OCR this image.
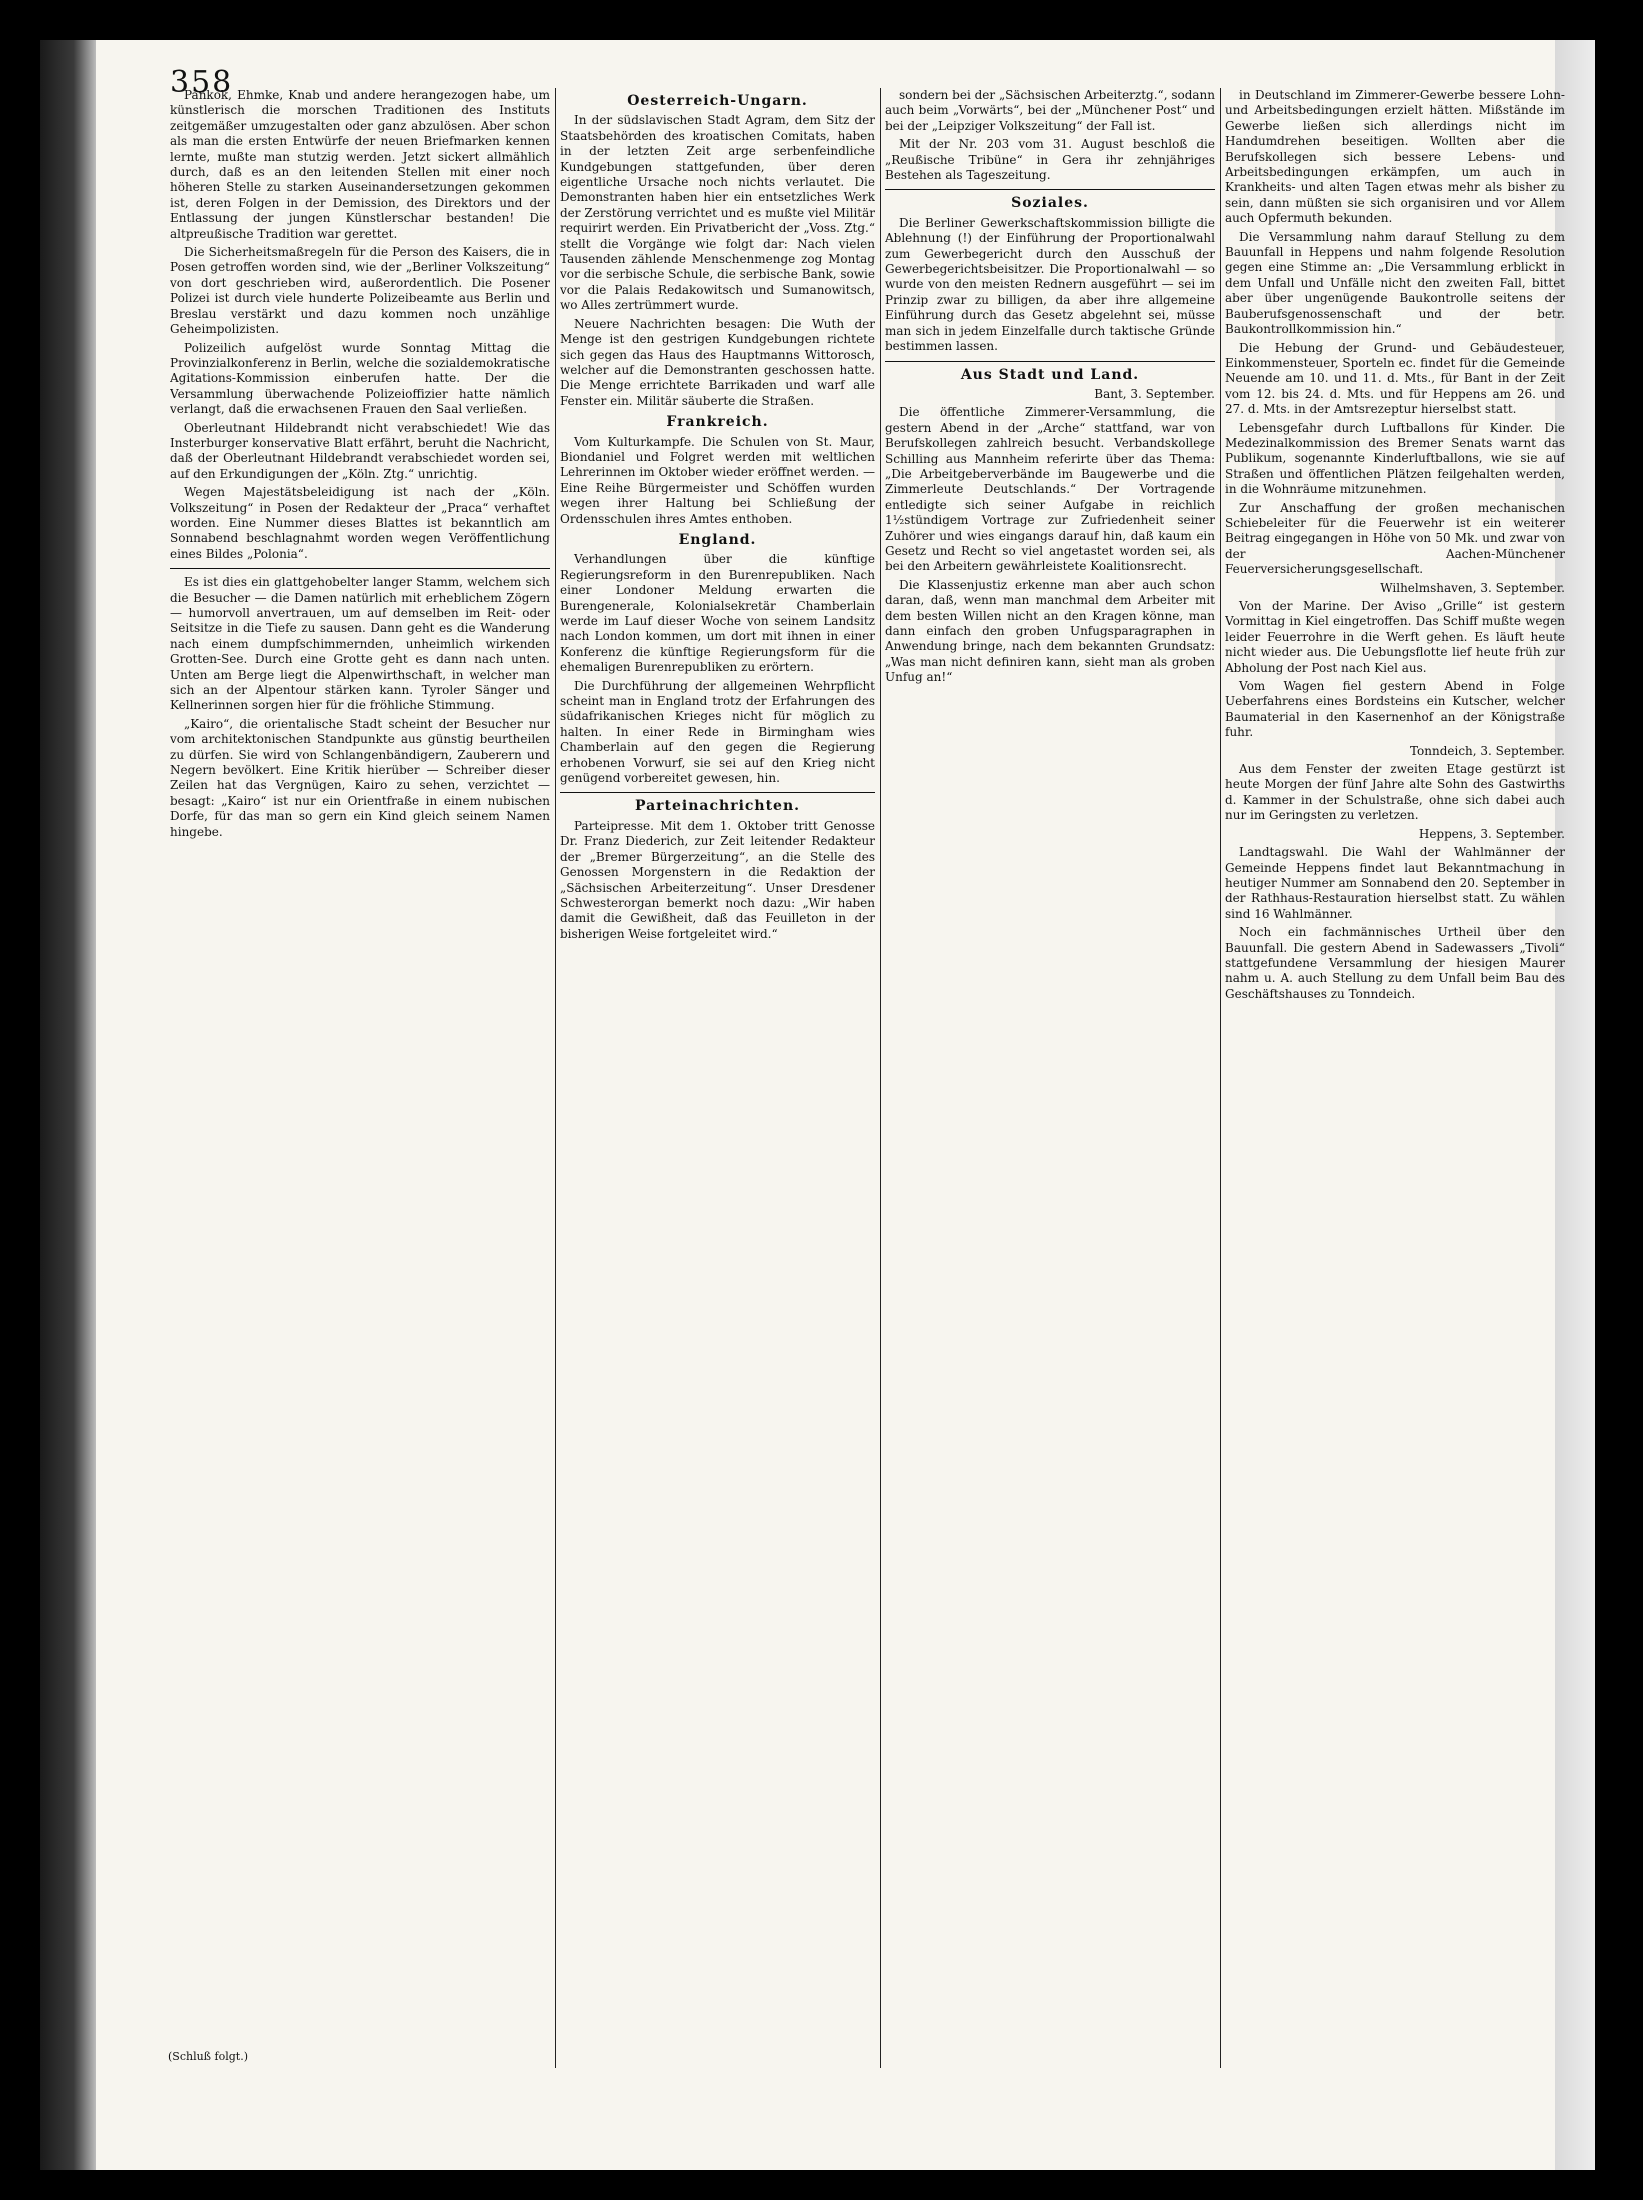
358

Pankok, Ehmke, Knab und andere herangezogen habe, um künstlerisch die morschen Traditionen des Instituts zeitgemäßer umzugestalten oder ganz abzulösen. Aber schon als man die ersten Entwürfe der neuen Briefmarken kennen lernte, mußte man stutzig werden. Jetzt sickert allmählich durch, daß es an den leitenden Stellen mit einer noch höheren Stelle zu starken Auseinandersetzungen gekommen ist, deren Folgen in der Demission, des Direktors und der Entlassung der jungen Künstlerschar bestanden! Die altpreußische Tradition war gerettet.

Die Sicherheitsmaßregeln für die Person des Kaisers, die in Posen getroffen worden sind, wie der „Berliner Volkszeitung“ von dort geschrieben wird, außerordentlich. Die Posener Polizei ist durch viele hunderte Polizeibeamte aus Berlin und Breslau verstärkt und dazu kommen noch unzählige Geheimpolizisten.

Polizeilich aufgelöst wurde Sonntag Mittag die Provinzialkonferenz in Berlin, welche die sozialdemokratische Agitations-Kommission einberufen hatte. Der die Versammlung überwachende Polizeioffizier hatte nämlich verlangt, daß die erwachsenen Frauen den Saal verließen.

Oberleutnant Hildebrandt nicht verabschiedet! Wie das Insterburger konservative Blatt erfährt, beruht die Nachricht, daß der Oberleutnant Hildebrandt verabschiedet worden sei, auf den Erkundigungen der „Köln. Ztg.“ unrichtig.

Wegen Majestätsbeleidigung ist nach der „Köln. Volkszeitung“ in Posen der Redakteur der „Praca“ verhaftet worden. Eine Nummer dieses Blattes ist bekanntlich am Sonnabend beschlagnahmt worden wegen Veröffentlichung eines Bildes „Polonia“.

Es ist dies ein glattgehobelter langer Stamm, welchem sich die Besucher — die Damen natürlich mit erheblichem Zögern — humorvoll anvertrauen, um auf demselben im Reit- oder Seitsitze in die Tiefe zu sausen. Dann geht es die Wanderung nach einem dumpfschimmernden, unheimlich wirkenden Grotten-See. Durch eine Grotte geht es dann nach unten. Unten am Berge liegt die Alpenwirthschaft, in welcher man sich an der Alpentour stärken kann. Tyroler Sänger und Kellnerinnen sorgen hier für die fröhliche Stimmung.

„Kairo“, die orientalische Stadt scheint der Besucher nur vom architektonischen Standpunkte aus günstig beurtheilen zu dürfen. Sie wird von Schlangenbändigern, Zauberern und Negern bevölkert. Eine Kritik hierüber — Schreiber dieser Zeilen hat das Vergnügen, Kairo zu sehen, verzichtet — besagt: „Kairo“ ist nur ein Orientfraße in einem nubischen Dorfe, für das man so gern ein Kind gleich seinem Namen hingebe.

Oesterreich-Ungarn.

In der südslavischen Stadt Agram, dem Sitz der Staatsbehörden des kroatischen Comitats, haben in der letzten Zeit arge serbenfeindliche Kundgebungen stattgefunden, über deren eigentliche Ursache noch nichts verlautet. Die Demonstranten haben hier ein entsetzliches Werk der Zerstörung verrichtet und es mußte viel Militär requirirt werden. Ein Privatbericht der „Voss. Ztg.“ stellt die Vorgänge wie folgt dar: Nach vielen Tausenden zählende Menschenmenge zog Montag vor die serbische Schule, die serbische Bank, sowie vor die Palais Redakowitsch und Sumanowitsch, wo Alles zertrümmert wurde.

Neuere Nachrichten besagen: Die Wuth der Menge ist den gestrigen Kundgebungen richtete sich gegen das Haus des Hauptmanns Wittorosch, welcher auf die Demonstranten geschossen hatte. Die Menge errichtete Barrikaden und warf alle Fenster ein. Militär säuberte die Straßen.

Frankreich.

Vom Kulturkampfe. Die Schulen von St. Maur, Biondaniel und Folgret werden mit weltlichen Lehrerinnen im Oktober wieder eröffnet werden. — Eine Reihe Bürgermeister und Schöffen wurden wegen ihrer Haltung bei Schließung der Ordensschulen ihres Amtes enthoben.

England.

Verhandlungen über die künftige Regierungsreform in den Burenrepubliken. Nach einer Londoner Meldung erwarten die Burengenerale, Kolonialsekretär Chamberlain werde im Lauf dieser Woche von seinem Landsitz nach London kommen, um dort mit ihnen in einer Konferenz die künftige Regierungsform für die ehemaligen Burenrepubliken zu erörtern.

Die Durchführung der allgemeinen Wehrpflicht scheint man in England trotz der Erfahrungen des südafrikanischen Krieges nicht für möglich zu halten. In einer Rede in Birmingham wies Chamberlain auf den gegen die Regierung erhobenen Vorwurf, sie sei auf den Krieg nicht genügend vorbereitet gewesen, hin.

Parteinachrichten.

Parteipresse. Mit dem 1. Oktober tritt Genosse Dr. Franz Diederich, zur Zeit leitender Redakteur der „Bremer Bürgerzeitung“, an die Stelle des Genossen Morgenstern in die Redaktion der „Sächsischen Arbeiterzeitung“. Unser Dresdener Schwesterorgan bemerkt noch dazu: „Wir haben damit die Gewißheit, daß das Feuilleton in der bisherigen Weise fortgeleitet wird.“

sondern bei der „Sächsischen Arbeiterztg.“, sodann auch beim „Vorwärts“, bei der „Münchener Post“ und bei der „Leipziger Volkszeitung“ der Fall ist.

Mit der Nr. 203 vom 31. August beschloß die „Reußische Tribüne“ in Gera ihr zehnjähriges Bestehen als Tageszeitung.

Soziales.

Die Berliner Gewerkschaftskommission billigte die Ablehnung (!) der Einführung der Proportionalwahl zum Gewerbegericht durch den Ausschuß der Gewerbegerichtsbeisitzer. Die Proportionalwahl — so wurde von den meisten Rednern ausgeführt — sei im Prinzip zwar zu billigen, da aber ihre allgemeine Einführung durch das Gesetz abgelehnt sei, müsse man sich in jedem Einzelfalle durch taktische Gründe bestimmen lassen.

Aus Stadt und Land.

Bant, 3. September.

Die öffentliche Zimmerer-Versammlung, die gestern Abend in der „Arche“ stattfand, war von Berufskollegen zahlreich besucht. Verbandskollege Schilling aus Mannheim referirte über das Thema: „Die Arbeitgeberverbände im Baugewerbe und die Zimmerleute Deutschlands.“ Der Vortragende entledigte sich seiner Aufgabe in reichlich 1½stündigem Vortrage zur Zufriedenheit seiner Zuhörer und wies eingangs darauf hin, daß kaum ein Gesetz und Recht so viel angetastet worden sei, als bei den Arbeitern gewährleistete Koalitionsrecht.

Die Klassenjustiz erkenne man aber auch schon daran, daß, wenn man manchmal dem Arbeiter mit dem besten Willen nicht an den Kragen könne, man dann einfach den groben Unfugsparagraphen in Anwendung bringe, nach dem bekannten Grundsatz: „Was man nicht definiren kann, sieht man als groben Unfug an!“

in Deutschland im Zimmerer-Gewerbe bessere Lohn- und Arbeitsbedingungen erzielt hätten. Mißstände im Gewerbe ließen sich allerdings nicht im Handumdrehen beseitigen. Wollten aber die Berufskollegen sich bessere Lebens- und Arbeitsbedingungen erkämpfen, um auch in Krankheits- und alten Tagen etwas mehr als bisher zu sein, dann müßten sie sich organisiren und vor Allem auch Opfermuth bekunden.

Die Versammlung nahm darauf Stellung zu dem Bauunfall in Heppens und nahm folgende Resolution gegen eine Stimme an: „Die Versammlung erblickt in dem Unfall und Unfälle nicht den zweiten Fall, bittet aber über ungenügende Baukontrolle seitens der Bauberufsgenossenschaft und der betr. Baukontrollkommission hin.“

Die Hebung der Grund- und Gebäudesteuer, Einkommensteuer, Sporteln ec. findet für die Gemeinde Neuende am 10. und 11. d. Mts., für Bant in der Zeit vom 12. bis 24. d. Mts. und für Heppens am 26. und 27. d. Mts. in der Amtsrezeptur hierselbst statt.

Lebensgefahr durch Luftballons für Kinder. Die Medezinalkommission des Bremer Senats warnt das Publikum, sogenannte Kinderluftballons, wie sie auf Straßen und öffentlichen Plätzen feilgehalten werden, in die Wohnräume mitzunehmen.

Zur Anschaffung der großen mechanischen Schiebeleiter für die Feuerwehr ist ein weiterer Beitrag eingegangen in Höhe von 50 Mk. und zwar von der Aachen-Münchener Feuerversicherungsgesellschaft.

Wilhelmshaven, 3. September.

Von der Marine. Der Aviso „Grille“ ist gestern Vormittag in Kiel eingetroffen. Das Schiff mußte wegen leider Feuerrohre in die Werft gehen. Es läuft heute nicht wieder aus. Die Uebungsflotte lief heute früh zur Abholung der Post nach Kiel aus.

Vom Wagen fiel gestern Abend in Folge Ueberfahrens eines Bordsteins ein Kutscher, welcher Baumaterial in den Kasernenhof an der Königstraße fuhr.

Tonndeich, 3. September.

Aus dem Fenster der zweiten Etage gestürzt ist heute Morgen der fünf Jahre alte Sohn des Gastwirths d. Kammer in der Schulstraße, ohne sich dabei auch nur im Geringsten zu verletzen.

Heppens, 3. September.

Landtagswahl. Die Wahl der Wahlmänner der Gemeinde Heppens findet laut Bekanntmachung in heutiger Nummer am Sonnabend den 20. September in der Rathhaus-Restauration hierselbst statt. Zu wählen sind 16 Wahlmänner.

Noch ein fachmännisches Urtheil über den Bauunfall. Die gestern Abend in Sadewassers „Tivoli“ stattgefundene Versammlung der hiesigen Maurer nahm u. A. auch Stellung zu dem Unfall beim Bau des Geschäftshauses zu Tonndeich.

(Schluß folgt.)
